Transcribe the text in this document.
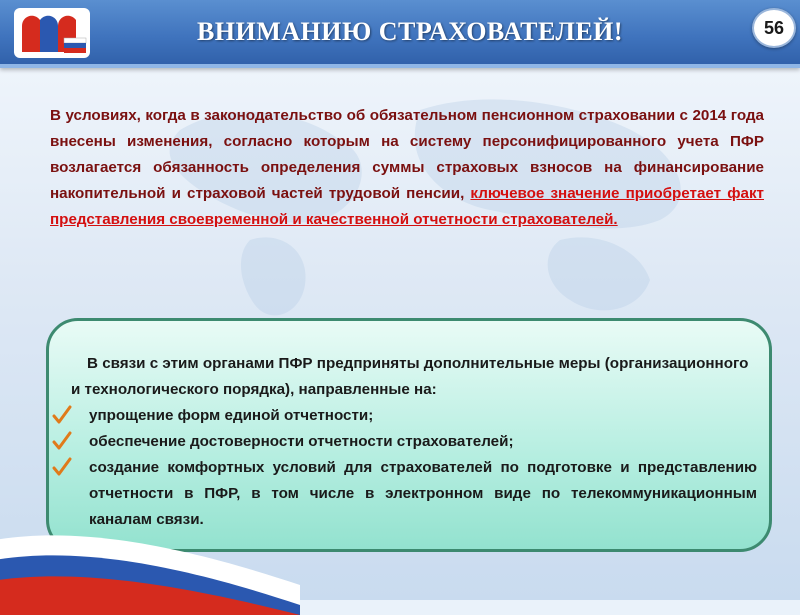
ВНИМАНИЮ СТРАХОВАТЕЛЕЙ!	56
В условиях, когда в законодательство об обязательном пенсионном страховании с 2014 года внесены изменения, согласно которым на систему персонифицированного учета ПФР возлагается обязанность определения суммы страховых взносов на финансирование накопительной и страховой частей трудовой пенсии, ключевое значение приобретает факт представления своевременной и качественной отчетности страхователей.
В связи с этим органами ПФР предприняты дополнительные меры (организационного и технологического порядка), направленные на:
упрощение форм единой отчетности;
обеспечение достоверности отчетности страхователей;
создание комфортных условий для страхователей по подготовке и представлению отчетности в ПФР, в том числе в электронном виде по телекоммуникационным каналам связи.
